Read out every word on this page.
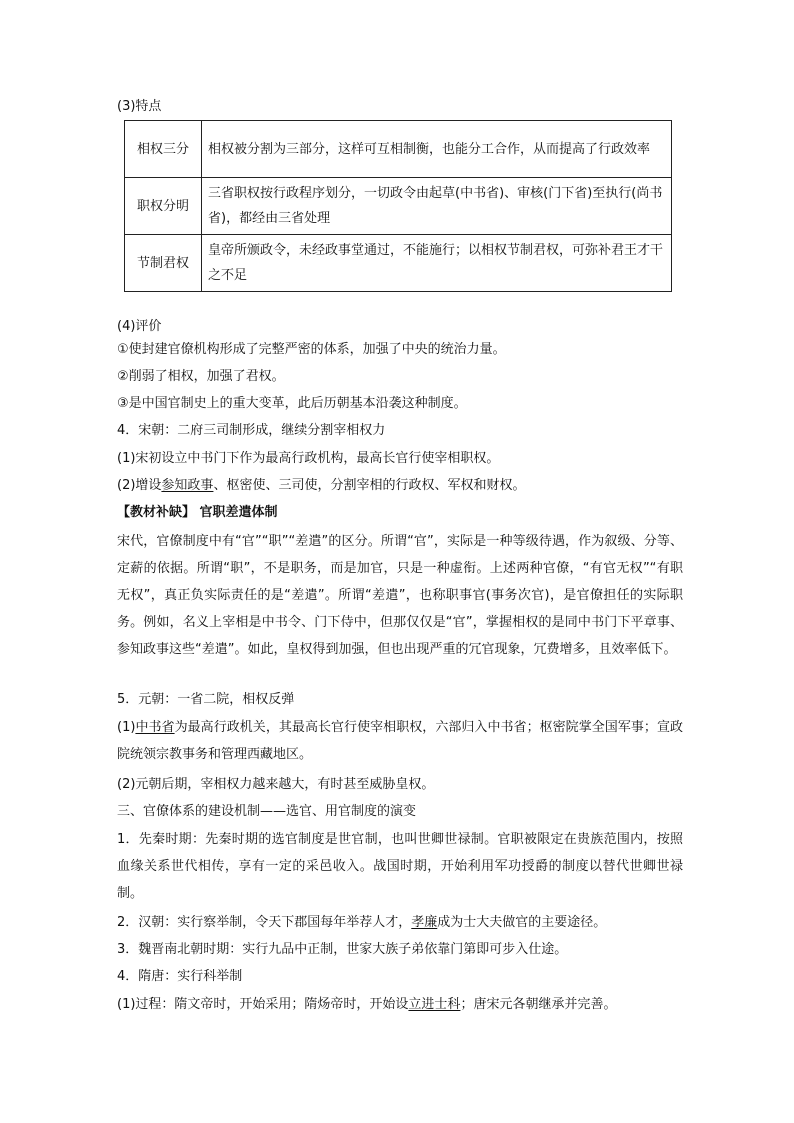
(3)特点
相权三分	相权被分割为三部分，这样可互相制衡，也能分工合作，从而提高了行政效率
职权分明	三省职权按行政程序划分，一切政令由起草(中书省)、审核(门下省)至执行(尚书省)，都经由三省处理
节制君权	皇帝所颁政令，未经政事堂通过，不能施行；以相权节制君权，可弥补君王才干之不足
(4)评价
①使封建官僚机构形成了完整严密的体系，加强了中央的统治力量。
②削弱了相权，加强了君权。
③是中国官制史上的重大变革，此后历朝基本沿袭这种制度。
4．宋朝：二府三司制形成，继续分割宰相权力
(1)宋初设立中书门下作为最高行政机构，最高长官行使宰相职权。
(2)增设参知政事、枢密使、三司使，分割宰相的行政权、军权和财权。
【教材补缺】 官职差遣体制
宋代，官僚制度中有“官”“职”“差遣”的区分。所谓“官”，实际是一种等级待遇，作为叙级、分等、定薪的依据。所谓“职”，不是职务，而是加官，只是一种虚衔。上述两种官僚，“有官无权”“有职无权”，真正负实际责任的是“差遣”。所谓“差遣”，也称职事官(事务次官)，是官僚担任的实际职务。例如，名义上宰相是中书令、门下侍中，但那仅仅是“官”，掌握相权的是同中书门下平章事、参知政事这些“差遣”。如此，皇权得到加强，但也出现严重的冗官现象，冗费增多，且效率低下。
5．元朝：一省二院，相权反弹
(1)中书省为最高行政机关，其最高长官行使宰相职权，六部归入中书省；枢密院掌全国军事；宣政院统领宗教事务和管理西藏地区。
(2)元朝后期，宰相权力越来越大，有时甚至威胁皇权。
三、官僚体系的建设机制——选官、用官制度的演变
1．先秦时期：先秦时期的选官制度是世官制，也叫世卿世禄制。官职被限定在贵族范围内，按照血缘关系世代相传，享有一定的采邑收入。战国时期，开始利用军功授爵的制度以替代世卿世禄制。
2．汉朝：实行察举制，令天下郡国每年举荐人才，孝廉成为士大夫做官的主要途径。
3．魏晋南北朝时期：实行九品中正制，世家大族子弟依靠门第即可步入仕途。
4．隋唐：实行科举制
(1)过程：隋文帝时，开始采用；隋炀帝时，开始设立进士科；唐宋元各朝继承并完善。
